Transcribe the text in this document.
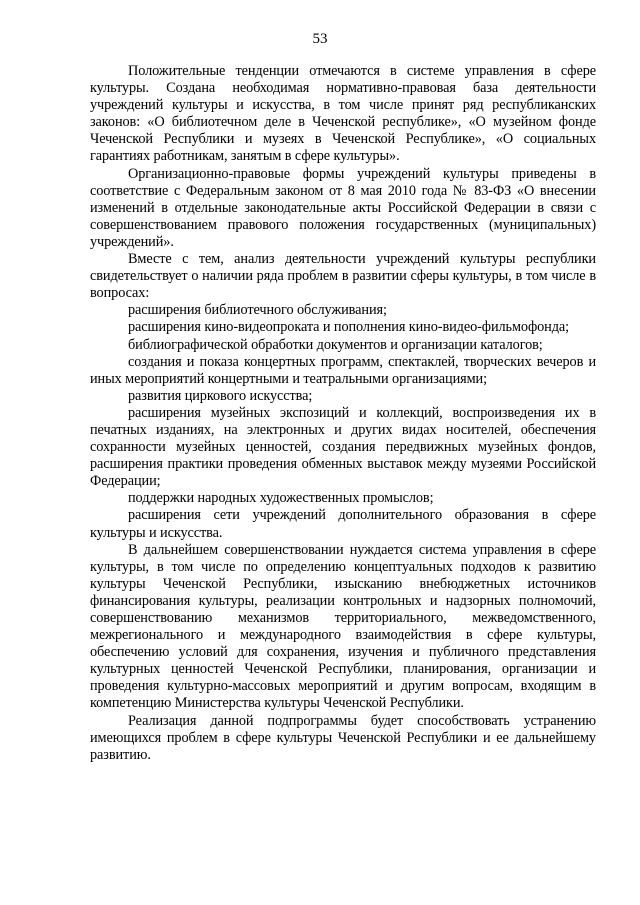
53

Положительные тенденции отмечаются в системе управления в сфере культуры. Создана необходимая нормативно-правовая база деятельности учреждений культуры и искусства, в том числе принят ряд республиканских законов: «О библиотечном деле в Чеченской республике», «О музейном фонде Чеченской Республики и музеях в Чеченской Республике», «О социальных гарантиях работникам, занятым в сфере культуры».

Организационно-правовые формы учреждений культуры приведены в соответствие с Федеральным законом от 8 мая 2010 года № 83-ФЗ «О внесении изменений в отдельные законодательные акты Российской Федерации в связи с совершенствованием правового положения государственных (муниципальных) учреждений».

Вместе с тем, анализ деятельности учреждений культуры республики свидетельствует о наличии ряда проблем в развитии сферы культуры, в том числе в вопросах:

расширения библиотечного обслуживания;

расширения кино-видеопроката и пополнения кино-видео-фильмофонда;

библиографической обработки документов и организации каталогов;

создания и показа концертных программ, спектаклей, творческих вечеров и иных мероприятий концертными и театральными организациями;

развития циркового искусства;

расширения музейных экспозиций и коллекций, воспроизведения их в печатных изданиях, на электронных и других видах носителей, обеспечения сохранности музейных ценностей, создания передвижных музейных фондов, расширения практики проведения обменных выставок между музеями Российской Федерации;

поддержки народных художественных промыслов;

расширения сети учреждений дополнительного образования в сфере культуры и искусства.

В дальнейшем совершенствовании нуждается система управления в сфере культуры, в том числе по определению концептуальных подходов к развитию культуры Чеченской Республики, изысканию внебюджетных источников финансирования культуры, реализации контрольных и надзорных полномочий, совершенствованию механизмов территориального, межведомственного, межрегионального и международного взаимодействия в сфере культуры, обеспечению условий для сохранения, изучения и публичного представления культурных ценностей Чеченской Республики, планирования, организации и проведения культурно-массовых мероприятий и другим вопросам, входящим в компетенцию Министерства культуры Чеченской Республики.

Реализация данной подпрограммы будет способствовать устранению имеющихся проблем в сфере культуры Чеченской Республики и ее дальнейшему развитию.
